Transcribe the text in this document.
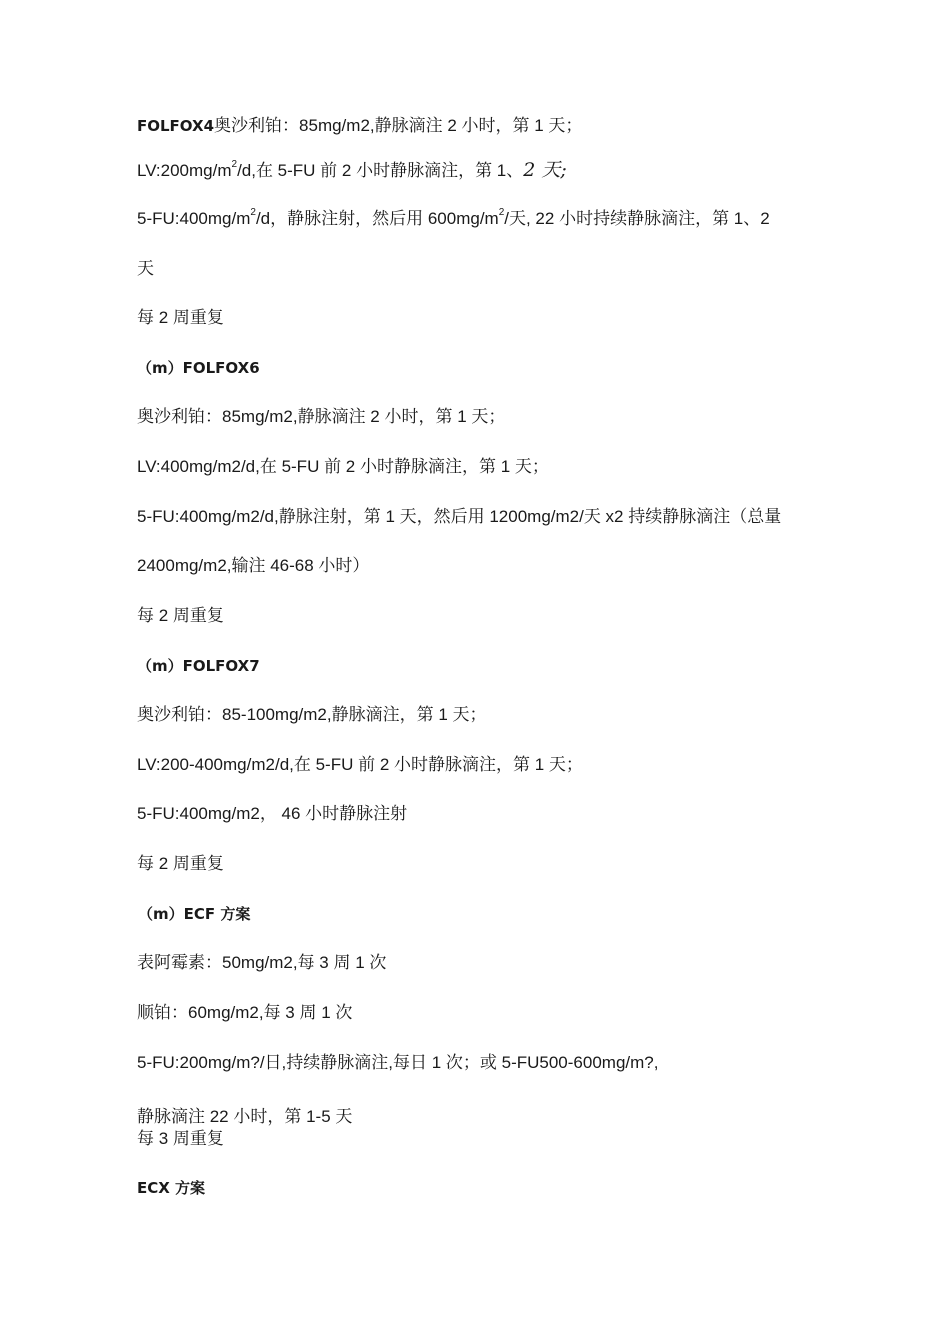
FOLFOX4奥沙利铂：85mg/m2,静脉滴注 2 小时，第 1 天；
$LV:200mg/m^2/d$,在 5-FU 前 2 小时静脉滴注，第 1、2 天;
$5-FU:400mg/m^2/d$，静脉注射，然后用 $600mg/m^2/$天, 22 小时持续静脉滴注，第 1、2
天
每 2 周重复
（m）FOLFOX6
奥沙利铂：85mg/m2,静脉滴注 2 小时，第 1 天；
LV:400mg/m2/d,在 5-FU 前 2 小时静脉滴注，第 1 天；
5-FU:400mg/m2/d,静脉注射，第 1 天，然后用 1200mg/m2/天 x2 持续静脉滴注（总量
2400mg/m2,输注 46-68 小时）
每 2 周重复
（m）FOLFOX7
奥沙利铂：85-100mg/m2,静脉滴注，第 1 天；
LV:200-400mg/m2/d,在 5-FU 前 2 小时静脉滴注，第 1 天；
5-FU:400mg/m2， 46 小时静脉注射
每 2 周重复
（m）ECF 方案
表阿霉素：50mg/m2,每 3 周 1 次
顺铂：60mg/m2,每 3 周 1 次
5-FU:200mg/m?/日,持续静脉滴注,每日 1 次；或 5-FU500-600mg/m?,
静脉滴注 22 小时，第 1-5 天
每 3 周重复
ECX 方案
